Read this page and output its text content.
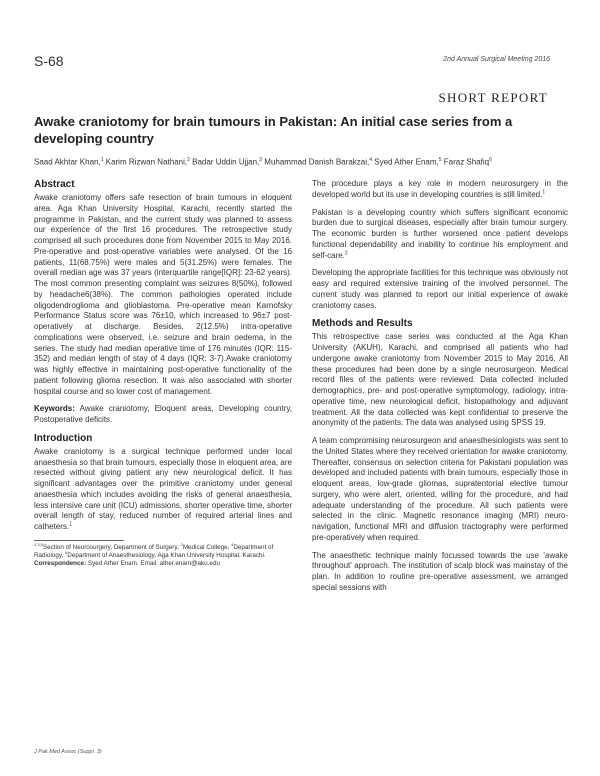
S-68	2nd Annual Surgical Meeting 2016
SHORT REPORT
Awake craniotomy for brain tumours in Pakistan: An initial case series from a developing country
Saad Akhtar Khan,$^1$ Karim Rizwan Nathani,$^2$ Badar Uddin Ujjan,$^3$ Muhammad Danish Barakzai,$^4$ Syed Ather Enam,$^5$ Faraz Shafiq$^6$
Abstract

Awake craniotomy offers safe resection of brain tumours in eloquent area. Aga Khan University Hospital, Karachi, recently started the programme in Pakistan, and the current study was planned to assess our experience of the first 16 procedures. The retrospective study comprised all such procedures done from November 2015 to May 2016. Pre-operative and post-operative variables were analysed. Of the 16 patients, 11(68.75%) were males and 5(31.25%) were females. The overall median age was 37 years (interquartile range[IQR]: 23-62 years). The most common presenting complaint was seizures 8(50%), followed by headache6(38%). The common pathologies operated include oligodendroglioma and glioblastoma. Pre-operative mean Karnofsky Performance Status score was 76±10, which increased to 96±7 post-operatively at discharge. Besides, 2(12.5%) intra-operative complications were observed, i.e. seizure and brain oedema, in the series. The study had median operative time of 176 minutes (IQR: 115-352) and median length of stay of 4 days (IQR: 3-7).Awake craniotomy was highly effective in maintaining post-operative functionality of the patient following glioma resection. It was also associated with shorter hospital course and so lower cost of management.

Keywords: Awake craniotomy, Eloquent areas, Developing country, Postoperative deficits.

Introduction

Awake craniotomy is a surgical technique performed under local anaesthesia so that brain tumours, especially those in eloquent area, are resected without giving patient any new neurological deficit. It has significant advantages over the primitive craniotomy under general anaesthesia which includes avoiding the risks of general anaesthesia, less intensive care unit (ICU) admissions, shorter operative time, shorter overall length of stay, reduced number of required arterial lines and catheters.$^1$

$^{1,3,5}$Section of Neurosurgery, Department of Surgery, $^2$Medical College, $^4$Department of Radiology, $^6$Department of Anaesthesiology, Aga Khan University Hospital, Karachi.

Correspondence: Syed Ather Enam. Email: ather.enam@aku.edu

The procedure plays a key role in modern neurosurgery in the developed world but its use in developing countries is still limited.$^1$

Pakistan is a developing country which suffers significant economic burden due to surgical diseases, especially after brain tumour surgery. The economic burden is further worsened once patient develops functional dependability and inability to continue his employment and self-care.$^2$

Developing the appropriate facilities for this technique was obviously not easy and required extensive training of the involved personnel. The current study was planned to report our initial experience of awake craniotomy cases.

Methods and Results

This retrospective case series was conducted at the Aga Khan University (AKUH), Karachi, and comprised all patients who had undergone awake craniotomy from November 2015 to May 2016. All these procedures had been done by a single neurosurgeon. Medical record files of the patients were reviewed. Data collected included demographics, pre- and post-operative symptomology, radiology, intra-operative time, new neurological deficit, histopathology and adjuvant treatment. All the data collected was kept confidential to preserve the anonymity of the patients. The data was analysed using SPSS 19.

A team compromising neurosurgeon and anaesthesiologists was sent to the United States where they received orientation for awake craniotomy. Thereafter, consensus on selection criteria for Pakistani population was developed and included patients with brain tumours, especially those in eloquent areas, low-grade gliomas, supratentorial elective tumour surgery, who were alert, oriented, willing for the procedure, and had adequate understanding of the procedure. All such patients were selected in the clinic. Magnetic resonance imaging (MRI) neuro-navigation, functional MRI and diffusion tractography were performed pre-operatively when required.

The anaesthetic technique mainly focussed towards the use 'awake throughout' approach. The institution of scalp block was mainstay of the plan. In addition to routine pre-operative assessment, we arranged special sessions with

J Pak Med Assoc (Suppl. 3)
